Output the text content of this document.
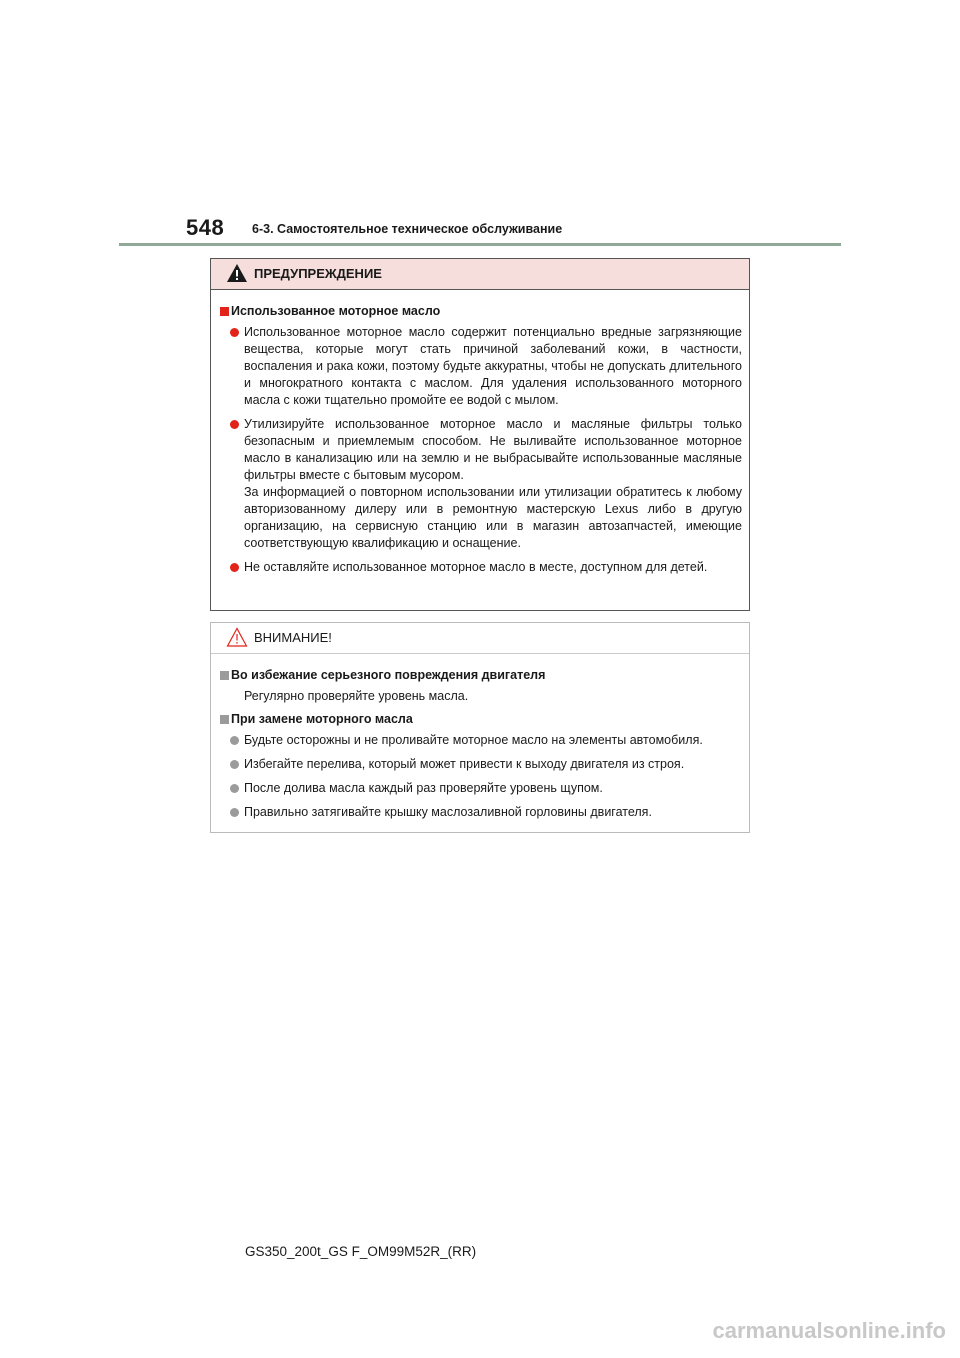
548 6-3. Самостоятельное техническое обслуживание
ПРЕДУПРЕЖДЕНИЕ
Использованное моторное масло
Использованное моторное масло содержит потенциально вредные загрязняющие вещества, которые могут стать причиной заболеваний кожи, в частности, воспаления и рака кожи, поэтому будьте аккуратны, чтобы не допускать длительного и многократного контакта с маслом. Для удаления использованного моторного масла с кожи тщательно промойте ее водой с мылом.
Утилизируйте использованное моторное масло и масляные фильтры только безопасным и приемлемым способом. Не выливайте использованное моторное масло в канализацию или на землю и не выбрасывайте использованные масляные фильтры вместе с бытовым мусором.
За информацией о повторном использовании или утилизации обратитесь к любому авторизованному дилеру или в ремонтную мастерскую Lexus либо в другую организацию, на сервисную станцию или в магазин автозапчастей, имеющие соответствующую квалификацию и оснащение.
Не оставляйте использованное моторное масло в месте, доступном для детей.
ВНИМАНИЕ!
Во избежание серьезного повреждения двигателя
Регулярно проверяйте уровень масла.
При замене моторного масла
Будьте осторожны и не проливайте моторное масло на элементы автомобиля.
Избегайте перелива, который может привести к выходу двигателя из строя.
После долива масла каждый раз проверяйте уровень щупом.
Правильно затягивайте крышку маслозаливной горловины двигателя.
GS350_200t_GS F_OM99M52R_(RR)
carmanualsonline.info
